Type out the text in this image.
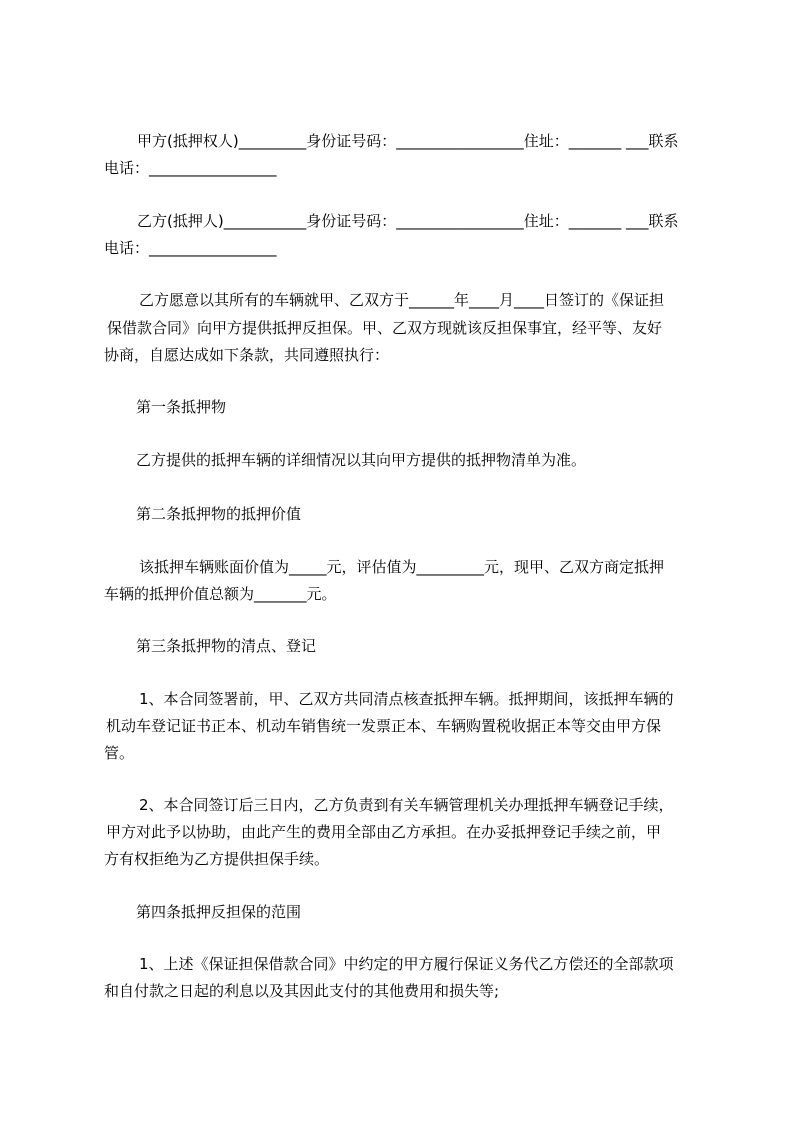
甲方(抵押权人)_________身份证号码：_________________住址：_______ ___联系
电话：_________________
乙方(抵押人)___________身份证号码：_________________住址：_______ ___联系
电话：_________________
乙方愿意以其所有的车辆就甲、乙双方于______年____月____日签订的《保证担
保借款合同》向甲方提供抵押反担保。甲、乙双方现就该反担保事宜，经平等、友好
协商，自愿达成如下条款，共同遵照执行：
第一条抵押物
乙方提供的抵押车辆的详细情况以其向甲方提供的抵押物清单为准。
第二条抵押物的抵押价值
该抵押车辆账面价值为_____元，评估值为_________元，现甲、乙双方商定抵押
车辆的抵押价值总额为_______元。
第三条抵押物的清点、登记
1、本合同签署前，甲、乙双方共同清点核查抵押车辆。抵押期间，该抵押车辆的
机动车登记证书正本、机动车销售统一发票正本、车辆购置税收据正本等交由甲方保
管。
2、本合同签订后三日内，乙方负责到有关车辆管理机关办理抵押车辆登记手续，
甲方对此予以协助，由此产生的费用全部由乙方承担。在办妥抵押登记手续之前，甲
方有权拒绝为乙方提供担保手续。
第四条抵押反担保的范围
1、上述《保证担保借款合同》中约定的甲方履行保证义务代乙方偿还的全部款项
和自付款之日起的利息以及其因此支付的其他费用和损失等;
